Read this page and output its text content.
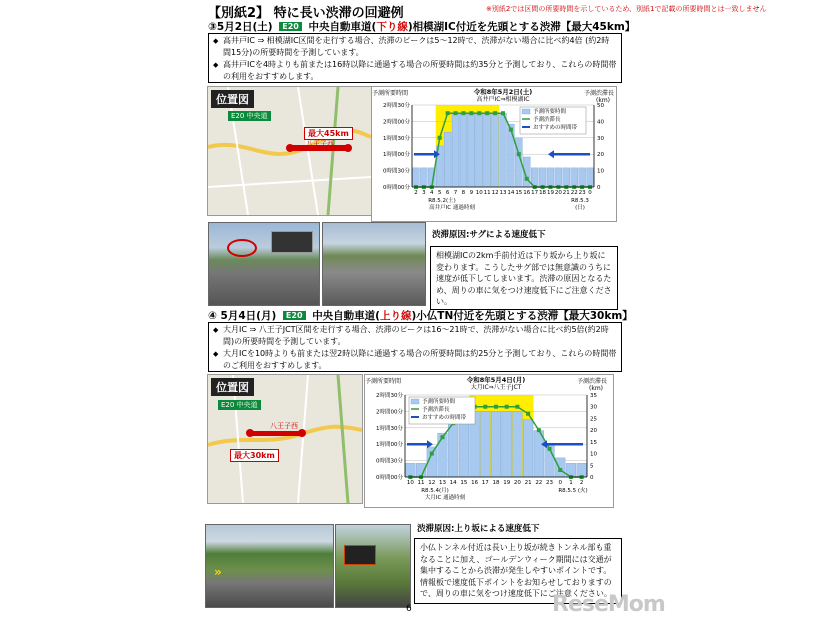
【別紙2】 特に長い渋滞の回避例	※別紙2では区間の所要時間を示しているため、別紙1で記載の所要時間とは一致しません
③5月2日(土) E20 中央自動車道(下り線)相模湖IC付近を先頭とする渋滞【最大45km】
◆ 高井戸IC ⇒ 相模湖IC区間を走行する場合、渋滞のピークは5～12時で、渋滞がない場合に比べ約4倍 (約2時間15分)の所要時間を予測しています。
◆ 高井戸ICを4時よりも前または16時以降に通過する場合の所要時間は約35分と予測しており、これらの時間帯の利用をおすすめします。
位置図
E20 中央道
最大45km
八王子西
予測所要時間	予測渋滞長
(km)
令和8年5月2日(土)
高井戸IC⇒相模湖IC
0時間00分
0時間30分
1時間00分
1時間30分
2時間00分
2時間30分
0
10
20
30
40
50
2 3 4 5 6 7 8 9 10 11 12 13 14 15 16 17 18 19 20 21 22 23 0
R8.5.2(土)	R8.5.3
(日)
高井戸IC 通過時刻
予測所要時間
予測渋滞長
おすすめの時間帯
渋滞原因:サグによる速度低下
相模湖ICの2km手前付近は下り坂から上り坂に変わります。こうしたサグ部では無意識のうちに速度が低下してしまいます。渋滞の原因となるため、周りの車に気をつけ速度低下にご注意ください。
④ 5月4日(月) E20 中央自動車道(上り線)小仏TN付近を先頭とする渋滞【最大30km】
◆ 大月IC ⇒ 八王子JCT区間を走行する場合、渋滞のピークは16～21時で、渋滞がない場合に比べ約5倍(約2時間)の所要時間を予測しています。
◆ 大月ICを10時よりも前または翌2時以降に通過する場合の所要時間は約25分と予測しており、これらの時間帯のご利用をおすすめします。
位置図
E20 中央道
最大30km
八王子西
予測所要時間	予測渋滞長
(km)
令和8年5月4日(月)
大月IC⇒八王子JCT
0時間00分
0時間30分
1時間00分
1時間30分
2時間00分
2時間30分
0
5
10
15
20
25
30
35
10 11 12 13 14 15 16 17 18 19 20 21 22 23 0 1 2
R8.5.4(月)	R8.5.5 (火)
大月IC 通過時刻
予測所要時間
予測渋滞長
おすすめの時間帯
»
渋滞原因:上り坂による速度低下
小仏トンネル付近は長い上り坂が続きトンネル部も重なることに加え、ゴールデンウィーク期間には交通が集中することから渋滞が発生しやすいポイントです。情報板で速度低下ポイントをお知らせしておりますので、周りの車に気をつけ速度低下にご注意ください。
6	ReseMom
